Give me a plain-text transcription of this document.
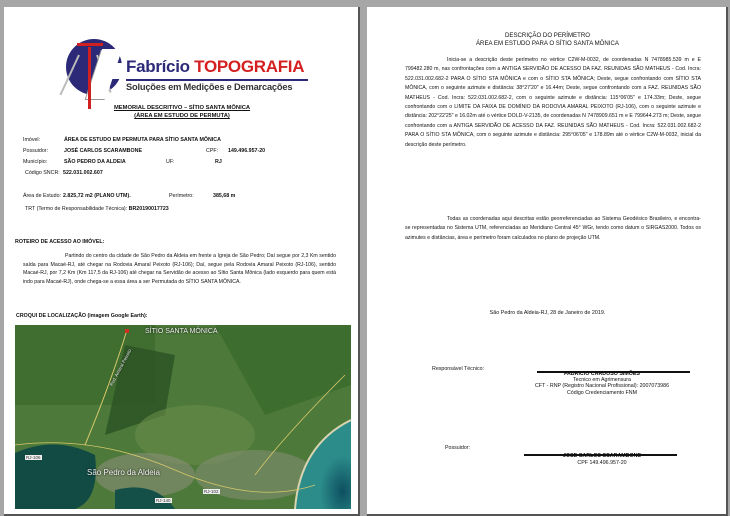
Fabrício TOPOGRAFIA
Soluções em Medições e Demarcações
MEMORIAL DESCRITIVO – SÍTIO SANTA MÔNICA
(ÁREA EM ESTUDO DE PERMUTA)
Imóvel:	ÁREA DE ESTUDO EM PERMUTA PARA SÍTIO SANTA MÔNICA
Possuidor:	JOSÉ CARLOS SCARAMBONE	CPF: 149.496.957-20
Município:	SÃO PEDRO DA ALDEIA	UF:	RJ
Código SNCR: 522.031.002.607
Área de Estudo: 2.825,72 m2 (PLANO UTM).	Perímetro:	385,68 m
TRT (Termo de Responsabilidade Técnica): BR20190017723
ROTEIRO DE ACESSO AO IMÓVEL:
Partindo do centro da cidade de São Pedro da Aldeia em frente a Igreja de São Pedro; Daí segue por 2,3 Km sentido saída para Macaé-RJ, até chegar na Rodovia Amaral Peixoto (RJ-106); Daí, segue pela Rodovia Amaral Peixoto (RJ-106), sentido Macaé-RJ, por 7,2 Km (Km 117,5 da RJ-106) até chegar na Servidão de acesso ao Sítio Santa Mônica (lado esquerdo para quem está indo para Macaé-RJ), onde chega-se a essa área a ser Permutada do SÍTIO SANTA MÔNICA.
CROQUI DE LOCALIZAÇÃO (imagem Google Earth):
SÍTIO SANTA MÔNICA
São Pedro da Aldeia
Rod. Amaral Peixoto
RJ-106
RJ-140
RJ-102
DESCRIÇÃO DO PERÍMETRO
ÁREA EM ESTUDO PARA O SÍTIO SANTA MÔNICA
Inicia-se a descrição deste perímetro no vértice C2W-M-0032, de coordenadas N 7478985.539 m e E 799482.280 m, nas confrontações com a ANTIGA SERVIDÃO DE ACESSO DA FAZ. REUNIDAS SÃO MATHEUS - Cod. Incra: 522.031.002.682-2 PARA O SÍTIO STA MÔNICA e com o SÍTIO STA MÔNICA; Deste, segue confrontando com SÍTIO STA MÔNICA, com o seguinte azimute e distância: 38°27'20" e 16.44m; Deste, segue confrontando com a FAZ. REUNIDAS SÃO MATHEUS - Cod. Incra: 522.031.002.682-2, com o seguinte azimute e distância: 115°06'05" e 174.33m; Deste, segue confrontando com o LIMITE DA FAIXA DE DOMÍNIO DA RODOVIA AMARAL PEIXOTO (RJ-106), com o seguinte azimute e distância: 202°22'25" e 16.02m até o vértice DOLD-V-2135, de coordenadas N 7478909.651 m e E 799644.273 m; Deste, segue confrontando com a ANTIGA SERVIDÃO DE ACESSO DA FAZ. REUNIDAS SÃO MATHEUS - Cod. Incra: 522.031.002.682-2 PARA O SÍTIO STA MÔNICA, com o seguinte azimute e distância: 295°06'05" e 178.89m até o vértice C2W-M-0032, inicial da descrição deste perímetro.
Todas as coordenadas aqui descritas estão georreferenciadas ao Sistema Geodésico Brasileiro, e encontra-se representadas no Sistema UTM, referenciadas ao Meridiano Central 45° WGr, tendo como datum o SIRGAS2000. Todos os azimutes e distâncias, área e perímetro foram calculados no plano de projeção UTM.
São Pedro da Aldeia-RJ, 28 de Janeiro de 2019.
Responsável Técnico:
FABRICIO CARDOSO SIMÕES
Tecnico em Agrimensura
CFT - RNP (Registro Nacional Profissional): 2007073986
Código Credenciamento FNM
Possuidor:
JOSE CARLOS SCARAMBONE
CPF 149.496.957-20
